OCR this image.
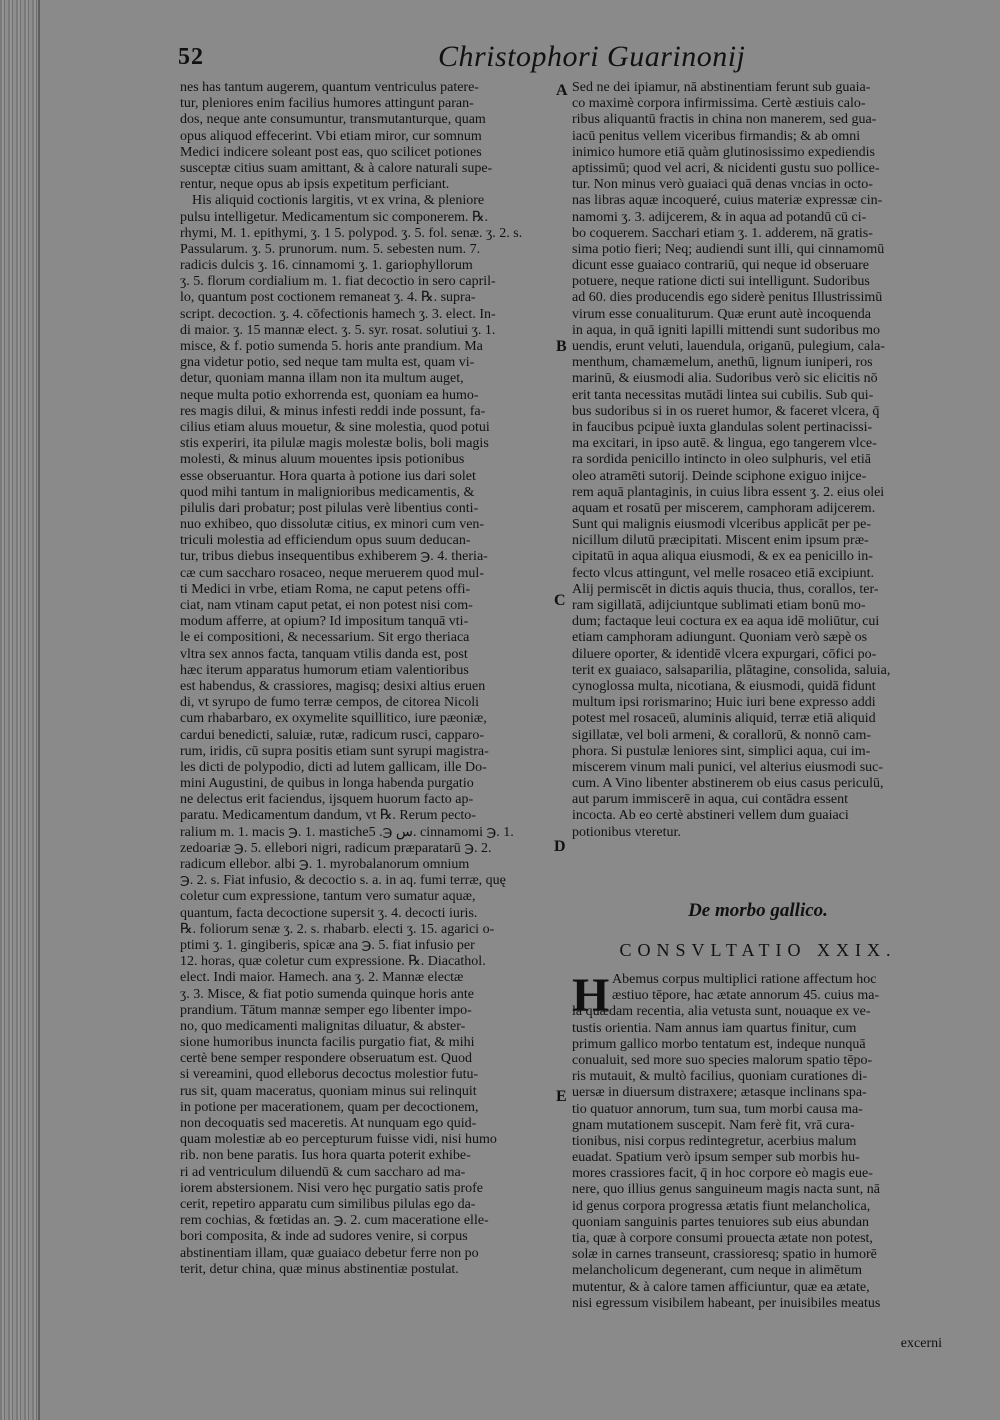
52	Christophori Guarinonij
nes has tantum augerem, quantum ventriculus patere-
tur, pleniores enim facilius humores attingunt paran-
dos, neque ante consumuntur, transmutanturque, quam
opus aliquod effecerint. Vbi etiam miror, cur somnum
Medici indicere soleant post eas, quo scilicet potiones
susceptæ citius suam amittant, & à calore naturali supe-
rentur, neque opus ab ipsis expetitum perficiant.
His aliquid coctionis largitis, vt ex vrina, & pleniore
pulsu intelligetur. Medicamentum sic componerem. ℞.
rhymi, M. 1. epithymi, ʒ. 1 5. polypod. ʒ. 5. fol. senæ. ʒ. 2. s.
Passularum. ʒ. 5. prunorum. num. 5. sebesten num. 7.
radicis dulcis ʒ. 16. cinnamomi ʒ. 1. gariophyllorum
ʒ. 5. florum cordialium m. 1. fiat decoctio in sero capril-
lo, quantum post coctionem remaneat ʒ. 4. ℞. supra-
script. decoction. ʒ. 4. cōfectionis hamech ʒ. 3. elect. In-
di maior. ʒ. 15 mannæ elect. ʒ. 5. syr. rosat. solutiui ʒ. 1.
misce, & f. potio sumenda 5. horis ante prandium. Ma
gna videtur potio, sed neque tam multa est, quam vi-
detur, quoniam manna illam non ita multum auget,
neque multa potio exhorrenda est, quoniam ea humo-
res magis dilui, & minus infesti reddi inde possunt, fa-
cilius etiam aluus mouetur, & sine molestia, quod potui
stis experiri, ita pilulæ magis molestæ bolis, boli magis
molesti, & minus aluum mouentes ipsis potionibus
esse obseruantur. Hora quarta à potione ius dari solet
quod mihi tantum in malignioribus medicamentis, &
pilulis dari probatur; post pilulas verè libentius conti-
nuo exhibeo, quo dissolutæ citius, ex minori cum ven-
triculi molestia ad efficiendum opus suum deducan-
tur, tribus diebus insequentibus exhiberem ℈. 4. theria-
cæ cum saccharo rosaceo, neque meruerem quod mul-
ti Medici in vrbe, etiam Roma, ne caput petens offi-
ciat, nam vtinam caput petat, ei non potest nisi com-
modum afferre, at opium? Id impositum tanquā vti-
le ei compositioni, & necessarium. Sit ergo theriaca
vltra sex annos facta, tanquam vtilis danda est, post
hæc iterum apparatus humorum etiam valentioribus
est habendus, & crassiores, magisq; desixi altius eruen
di, vt syrupo de fumo terræ cempos, de citorea Nicoli
cum rhabarbaro, ex oxymelite squillitico, iure pæoniæ,
cardui benedicti, saluiæ, rutæ, radicum rusci, capparo-
rum, iridis, cū supra positis etiam sunt syrupi magistra-
les dicti de polypodio, dicti ad lutem gallicam, ille Do-
mini Augustini, de quibus in longa habenda purgatio
ne delectus erit faciendus, ijsquem huorum facto ap-
paratu. Medicamentum dandum, vt ℞. Rerum pecto-
ralium m. 1. macis ℈. 1. masticheس ℈. 5. cinnamomi ℈. 1.
zedoariæ ℈. 5. ellebori nigri, radicum præparatarū ℈. 2.
radicum ellebor. albi ℈. 1. myrobalanorum omnium
℈. 2. s. Fiat infusio, & decoctio s. a. in aq. fumi terræ, quę
coletur cum expressione, tantum vero sumatur aquæ,
quantum, facta decoctione supersit ʒ. 4. decocti iuris.
℞. foliorum senæ ʒ. 2. s. rhabarb. electi ʒ. 15. agarici o-
ptimi ʒ. 1. gingiberis, spicæ ana ℈. 5. fiat infusio per
12. horas, quæ coletur cum expressione. ℞. Diacathol.
elect. Indi maior. Hamech. ana ʒ. 2. Mannæ electæ
ʒ. 3. Misce, & fiat potio sumenda quinque horis ante
prandium. Tātum mannæ semper ego libenter impo-
no, quo medicamenti malignitas diluatur, & abster-
sione humoribus inuncta facilis purgatio fiat, & mihi
certè bene semper respondere obseruatum est. Quod
si vereamini, quod elleborus decoctus molestior futu-
rus sit, quam maceratus, quoniam minus sui relinquit
in potione per macerationem, quam per decoctionem,
non decoquatis sed maceretis. At nunquam ego quid-
quam molestiæ ab eo percepturum fuisse vidi, nisi humo
rib. non bene paratis. Ius hora quarta poterit exhibe-
ri ad ventriculum diluendū & cum saccharo ad ma-
iorem abstersionem. Nisi vero hęc purgatio satis profe
cerit, repetiro apparatu cum similibus pilulas ego da-
rem cochias, & fœtidas an. ℈. 2. cum maceratione elle-
bori composita, & inde ad sudores venire, si corpus
abstinentiam illam, quæ guaiaco debetur ferre non po
terit, detur china, quæ minus abstinentiæ postulat.
Sed ne dei ipiamur, nā abstinentiam ferunt sub guaia-
co maximè corpora infirmissima. Certè æstiuis calo-
ribus aliquantū fractis in china non manerem, sed gua-
iacū penitus vellem viceribus firmandis; & ab omni
inimico humore etiā quàm glutinosissimo expediendis
aptissimū; quod vel acri, & nicidenti gustu suo pollice-
tur. Non minus verò guaiaci quā denas vncias in octo-
nas libras aquæ incoqueré, cuius materiæ expressæ cin-
namomi ʒ. 3. adijcerem, & in aqua ad potandū cū ci-
bo coquerem. Sacchari etiam ʒ. 1. adderem, nā gratis-
sima potio fieri; Neq; audiendi sunt illi, qui cinnamomū
dicunt esse guaiaco contrariū, qui neque id obseruare
potuere, neque ratione dicti sui intelligunt. Sudoribus
ad 60. dies producendis ego siderè penitus Illustrissimū
virum esse conualiturum. Quæ erunt autè incoquenda
in aqua, in quā igniti lapilli mittendi sunt sudoribus mo
uendis, erunt veluti, lauendula, origanū, pulegium, cala-
menthum, chamæmelum, anethū, lignum iuniperi, ros
marinū, & eiusmodi alia. Sudoribus verò sic elicitis nō
erit tanta necessitas mutādi lintea sui cubilis. Sub qui-
bus sudoribus si in os rueret humor, & faceret vlcera, q̄
in faucibus pcipuè iuxta glandulas solent pertinacissi-
ma excitari, in ipso autē. & lingua, ego tangerem vlce-
ra sordida penicillo intincto in oleo sulphuris, vel etiā
oleo atramēti sutorij. Deinde sciphone exiguo inijce-
rem aquā plantaginis, in cuius libra essent ʒ. 2. eius olei
aquam et rosatū per miscerem, camphoram adijcerem.
Sunt qui malignis eiusmodi vlceribus applicāt per pe-
nicillum dilutū præcipitati. Miscent enim ipsum præ-
cipitatū in aqua aliqua eiusmodi, & ex ea penicillo in-
fecto vlcus attingunt, vel melle rosaceo etiā excipiunt.
Alij permiscēt in dictis aquis thucia, thus, corallos, ter-
ram sigillatā, adijciuntque sublimati etiam bonū mo-
dum; factaque leui coctura ex ea aqua idē moliūtur, cui
etiam camphoram adiungunt. Quoniam verò sæpè os
diluere oporter, & identidē vlcera expurgari, cōfici po-
terit ex guaiaco, salsaparilia, plātagine, consolida, saluia,
cynoglossa multa, nicotiana, & eiusmodi, quidā fidunt
multum ipsi rorismarino; Huic iuri bene expresso addi
potest mel rosaceū, aluminis aliquid, terræ etiā aliquid
sigillatæ, vel boli armeni, & corallorū, & nonnō cam-
phora. Si pustulæ leniores sint, simplici aqua, cui im-
miscerem vinum mali punici, vel alterius eiusmodi suc-
cum. A Vino libenter abstinerem ob eius casus periculū,
aut parum immiscerē in aqua, cui contādra essent
incocta. Ab eo certè abstineri vellem dum guaiaci
potionibus vteretur.
A
B
C
D
E
De morbo gallico.
CONSVLTATIO XXIX.
H Abemus corpus multiplici ratione affectum hoc
æstiuo tēpore, hac ætate annorum 45. cuius ma-
la quædam recentia, alia vetusta sunt, nouaque ex ve-
tustis orientia. Nam annus iam quartus finitur, cum
primum gallico morbo tentatum est, indeque nunquā
conualuit, sed more suo species malorum spatio tēpo-
ris mutauit, & multò facilius, quoniam curationes di-
uersæ in diuersum distraxere; ætasque inclinans spa-
tio quatuor annorum, tum sua, tum morbi causa ma-
gnam mutationem suscepit. Nam ferè fit, vrā cura-
tionibus, nisi corpus redintegretur, acerbius malum
euadat. Spatium verò ipsum semper sub morbis hu-
mores crassiores facit, q̄ in hoc corpore eò magis eue-
nere, quo illius genus sanguineum magis nacta sunt, nā
id genus corpora progressa ætatis fiunt melancholica,
quoniam sanguinis partes tenuiores sub eius abundan
tia, quæ à corpore consumi prouecta ætate non potest,
solæ in carnes transeunt, crassioresq; spatio in humorē
melancholicum degenerant, cum neque in alimētum
mutentur, & à calore tamen afficiuntur, quæ ea ætate,
nisi egressum visibilem habeant, per inuisibiles meatus
excerni
